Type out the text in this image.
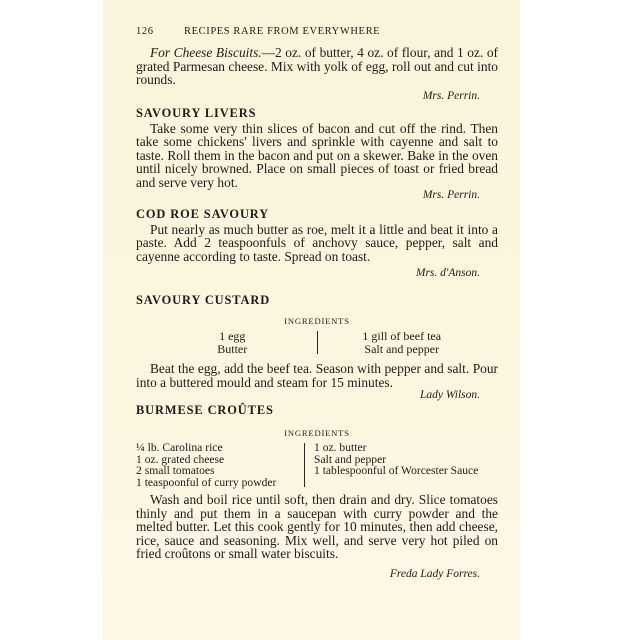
126	RECIPES RARE FROM EVERYWHERE

For Cheese Biscuits.—2 oz. of butter, 4 oz. of flour, and 1 oz. of grated Parmesan cheese. Mix with yolk of egg, roll out and cut into rounds.

Mrs. Perrin.
SAVOURY LIVERS

Take some very thin slices of bacon and cut off the rind. Then take some chickens' livers and sprinkle with cayenne and salt to taste. Roll them in the bacon and put on a skewer. Bake in the oven until nicely browned. Place on small pieces of toast or fried bread and serve very hot.

Mrs. Perrin.
COD ROE SAVOURY

Put nearly as much butter as roe, melt it a little and beat it into a paste. Add 2 teaspoonfuls of anchovy sauce, pepper, salt and cayenne according to taste. Spread on toast.

Mrs. d'Anson.
SAVOURY CUSTARD
INGREDIENTS
1 egg
Butter
1 gill of beef tea
Salt and pepper

Beat the egg, add the beef tea. Season with pepper and salt. Pour into a buttered mould and steam for 15 minutes.

Lady Wilson.
BURMESE CROÛTES
INGREDIENTS
¼ lb. Carolina rice
1 oz. grated cheese
2 small tomatoes
1 teaspoonful of curry powder
1 oz. butter
Salt and pepper
1 tablespoonful of Worcester Sauce

Wash and boil rice until soft, then drain and dry. Slice tomatoes thinly and put them in a saucepan with curry powder and the melted butter. Let this cook gently for 10 minutes, then add cheese, rice, sauce and seasoning. Mix well, and serve very hot piled on fried croûtons or small water biscuits.

Freda Lady Forres.
